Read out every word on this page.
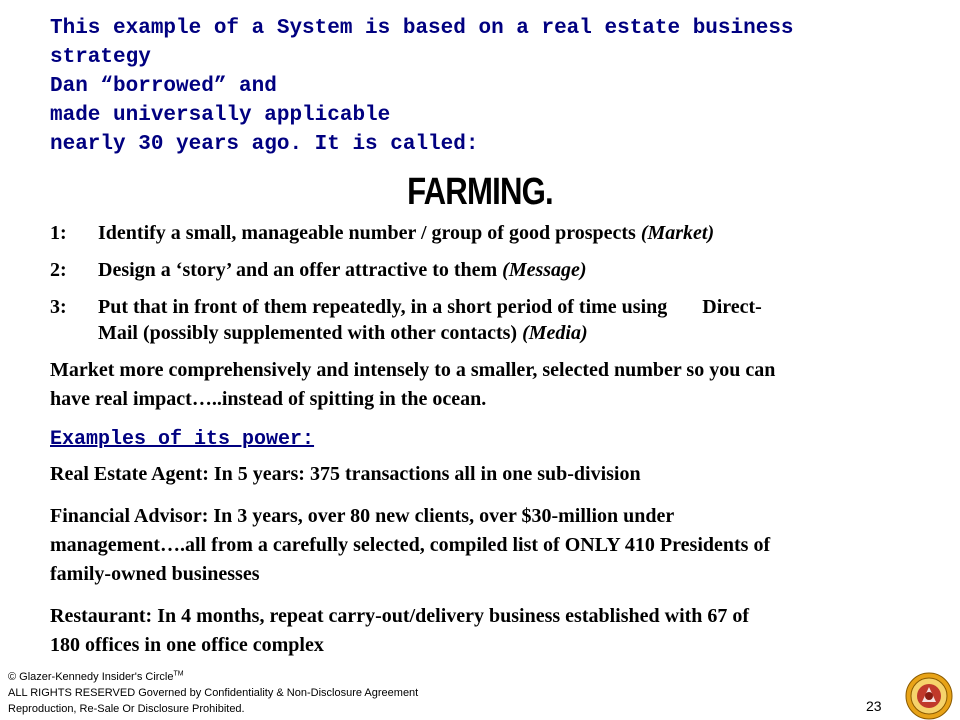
This example of a System is based on a real estate business
strategy
Dan “borrowed” and
made universally applicable
nearly 30 years ago. It is called:
FARMING.
1:	Identify a small, manageable number / group of good prospects (Market)
2:	Design a ‘story’ and an offer attractive to them (Message)
3:	Put that in front of them repeatedly, in a short period of time using       Direct-
Mail (possibly supplemented with other contacts) (Media)
Market more comprehensively and intensely to a smaller, selected number so you can
have real impact…..instead of spitting in the ocean.
Examples of its power:
Real Estate Agent: In 5 years: 375 transactions all in one sub-division
Financial Advisor: In 3 years, over 80 new clients, over $30-million under
management….all from a carefully selected, compiled list of ONLY 410 Presidents of
family-owned businesses
Restaurant: In 4 months, repeat carry-out/delivery business established with 67 of
180 offices in one office complex
© Glazer-Kennedy Insider's Circle™
ALL RIGHTS RESERVED Governed by Confidentiality & Non-Disclosure Agreement
Reproduction, Re-Sale Or Disclosure Prohibited.	23
